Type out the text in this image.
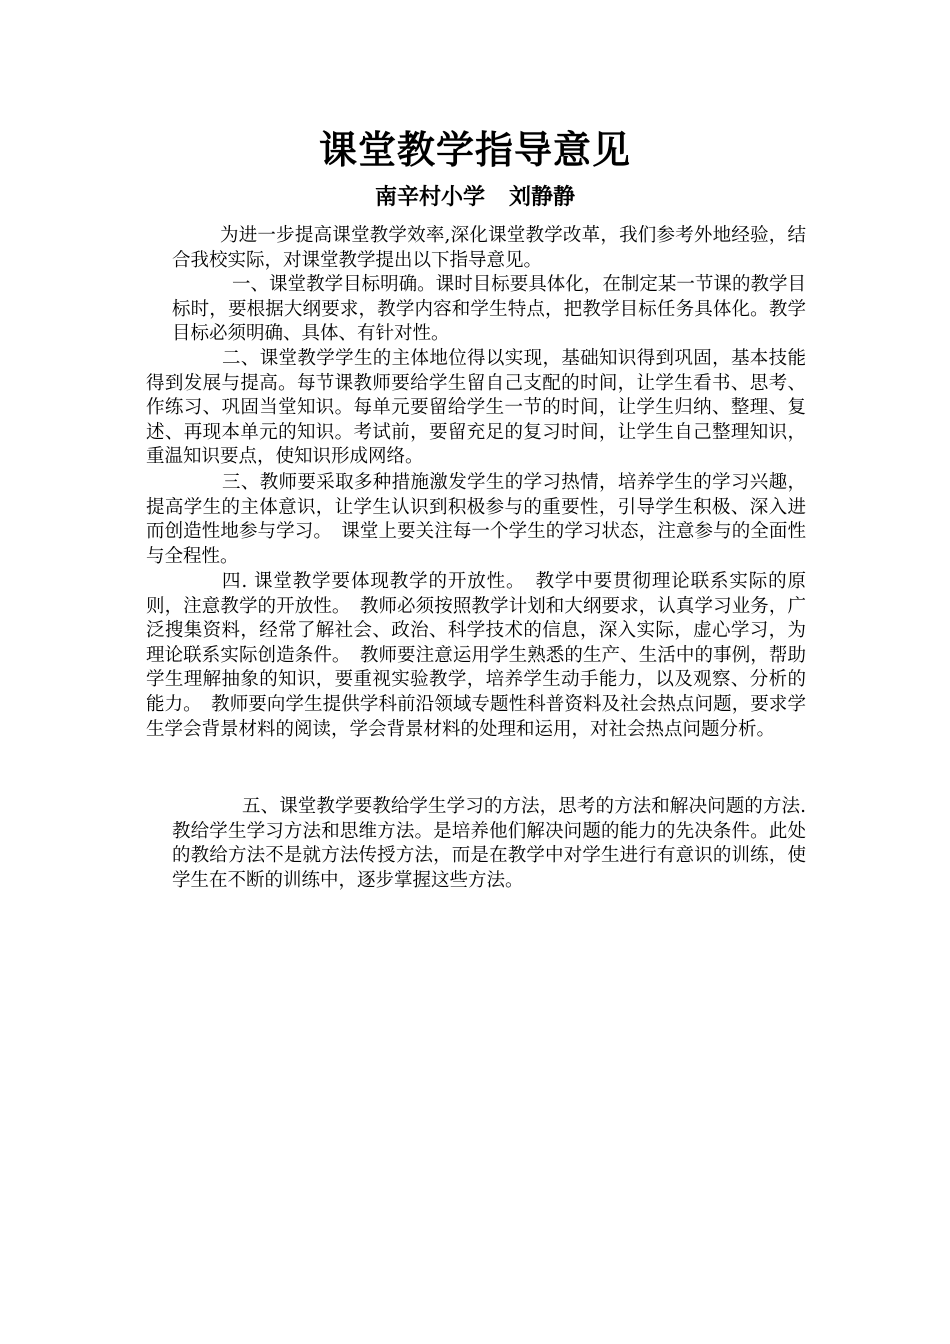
课堂教学指导意见
南辛村小学 刘静静

为进一步提高课堂教学效率,深化课堂教学改革，我们参考外地经验，结合我校实际，对课堂教学提出以下指导意见。

一、课堂教学目标明确。课时目标要具体化，在制定某一节课的教学目标时，要根据大纲要求，教学内容和学生特点，把教学目标任务具体化。教学目标必须明确、具体、有针对性。

二、课堂教学学生的主体地位得以实现，基础知识得到巩固，基本技能得到发展与提高。每节课教师要给学生留自己支配的时间，让学生看书、思考、作练习、巩固当堂知识。每单元要留给学生一节的时间，让学生归纳、整理、复述、再现本单元的知识。考试前，要留充足的复习时间，让学生自己整理知识，重温知识要点，使知识形成网络。

三、教师要采取多种措施激发学生的学习热情，培养学生的学习兴趣，提高学生的主体意识，让学生认识到积极参与的重要性，引导学生积极、深入进而创造性地参与学习。　课堂上要关注每一个学生的学习状态，注意参与的全面性与全程性。

四. 课堂教学要体现教学的开放性。　教学中要贯彻理论联系实际的原则，注意教学的开放性。　教师必须按照教学计划和大纲要求，认真学习业务，广泛搜集资料，经常了解社会、政治、科学技术的信息，深入实际，虚心学习，为理论联系实际创造条件。　教师要注意运用学生熟悉的生产、生活中的事例，帮助学生理解抽象的知识，要重视实验教学，培养学生动手能力，以及观察、分析的能力。　教师要向学生提供学科前沿领域专题性科普资料及社会热点问题，要求学生学会背景材料的阅读，学会背景材料的处理和运用，对社会热点问题分析。

五、课堂教学要教给学生学习的方法，思考的方法和解决问题的方法. 教给学生学习方法和思维方法。是培养他们解决问题的能力的先决条件。此处的教给方法不是就方法传授方法，而是在教学中对学生进行有意识的训练，使学生在不断的训练中，逐步掌握这些方法。
